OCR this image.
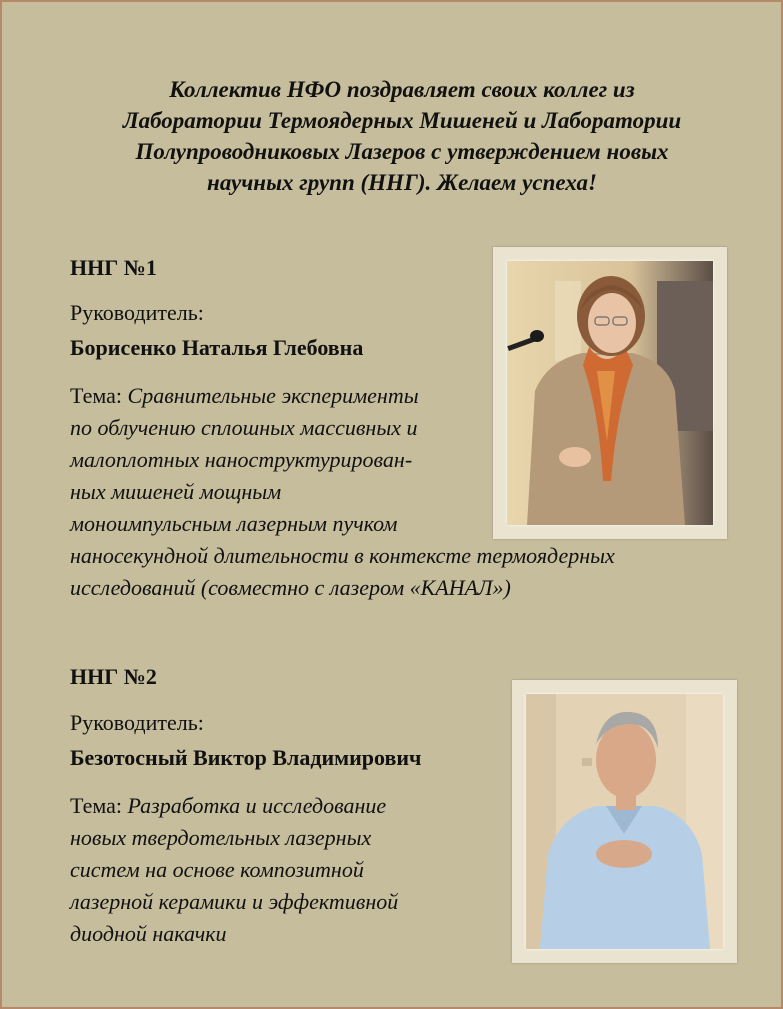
Коллектив НФО поздравляет своих коллег из
Лаборатории Термоядерных Мишеней и Лаборатории
Полупроводниковых Лазеров с утверждением новых
научных групп (ННГ). Желаем успеха!
ННГ №1
Руководитель:
Борисенко Наталья Глебовна
Тема: Сравнительные эксперименты
по облучению сплошных массивных и
малоплотных наноструктурирован-
ных мишеней мощным
моноимпульсным лазерным пучком
наносекундной длительности в контексте термоядерных
исследований (совместно с лазером «КАНАЛ»)
ННГ №2
Руководитель:
Безотосный Виктор Владимирович
Тема: Разработка и исследование
новых твердотельных лазерных
систем на основе композитной
лазерной керамики и эффективной
диодной накачки
